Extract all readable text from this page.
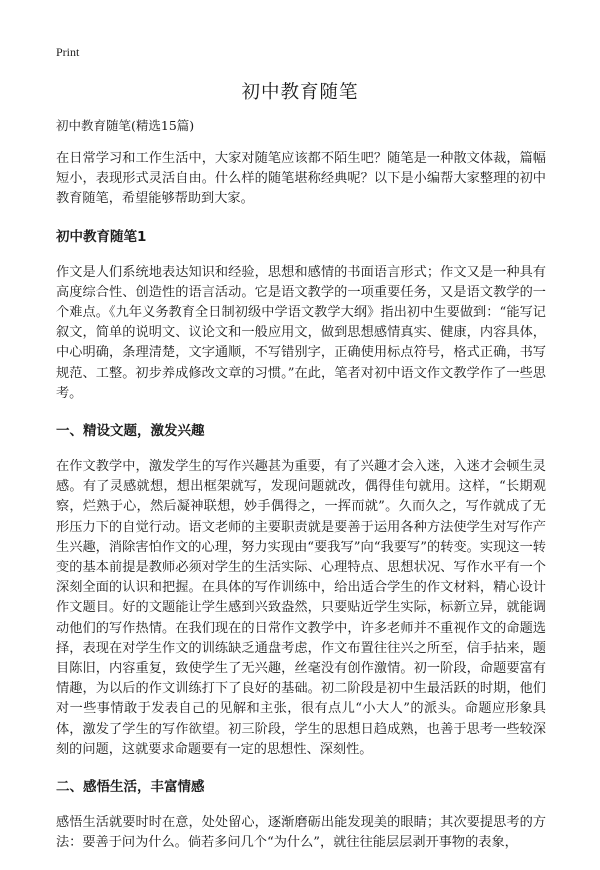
Print
初中教育随笔
初中教育随笔(精选15篇)

在日常学习和工作生活中，大家对随笔应该都不陌生吧？随笔是一种散文体裁，篇幅短小，表现形式灵活自由。什么样的随笔堪称经典呢？以下是小编帮大家整理的初中教育随笔，希望能够帮助到大家。

初中教育随笔1

作文是人们系统地表达知识和经验，思想和感情的书面语言形式；作文又是一种具有高度综合性、创造性的语言活动。它是语文教学的一项重要任务，又是语文教学的一个难点。《九年义务教育全日制初级中学语文教学大纲》指出初中生要做到：“能写记叙文，简单的说明文、议论文和一般应用文，做到思想感情真实、健康，内容具体，中心明确，条理清楚，文字通顺，不写错别字，正确使用标点符号，格式正确，书写规范、工整。初步养成修改文章的习惯。”在此，笔者对初中语文作文教学作了一些思考。

一、精设文题，激发兴趣

在作文教学中，激发学生的写作兴趣甚为重要，有了兴趣才会入迷，入迷才会顿生灵感。有了灵感就想，想出框架就写，发现问题就改，偶得佳句就用。这样，“长期观察，烂熟于心，然后凝神联想，妙手偶得之，一挥而就”。久而久之，写作就成了无形压力下的自觉行动。语文老师的主要职责就是要善于运用各种方法使学生对写作产生兴趣，消除害怕作文的心理，努力实现由“要我写”向“我要写”的转变。实现这一转变的基本前提是教师必须对学生的生活实际、心理特点、思想状况、写作水平有一个深刻全面的认识和把握。在具体的写作训练中，给出适合学生的作文材料，精心设计作文题目。好的文题能让学生感到兴致盎然，只要贴近学生实际，标新立异，就能调动他们的写作热情。在我们现在的日常作文教学中，许多老师并不重视作文的命题选择，表现在对学生作文的训练缺乏通盘考虑，作文布置往往兴之所至，信手拈来，题目陈旧，内容重复，致使学生了无兴趣，丝毫没有创作激情。初一阶段，命题要富有情趣，为以后的作文训练打下了良好的基础。初二阶段是初中生最活跃的时期，他们对一些事情敢于发表自己的见解和主张，很有点儿“小大人”的派头。命题应形象具体，激发了学生的写作欲望。初三阶段，学生的思想日趋成熟，也善于思考一些较深刻的问题，这就要求命题要有一定的思想性、深刻性。

二、感悟生活，丰富情感

感悟生活就要时时在意，处处留心，逐渐磨砺出能发现美的眼睛；其次要提思考的方法：要善于问为什么。倘若多问几个“为什么”，就往往能层层剥开事物的表象，
